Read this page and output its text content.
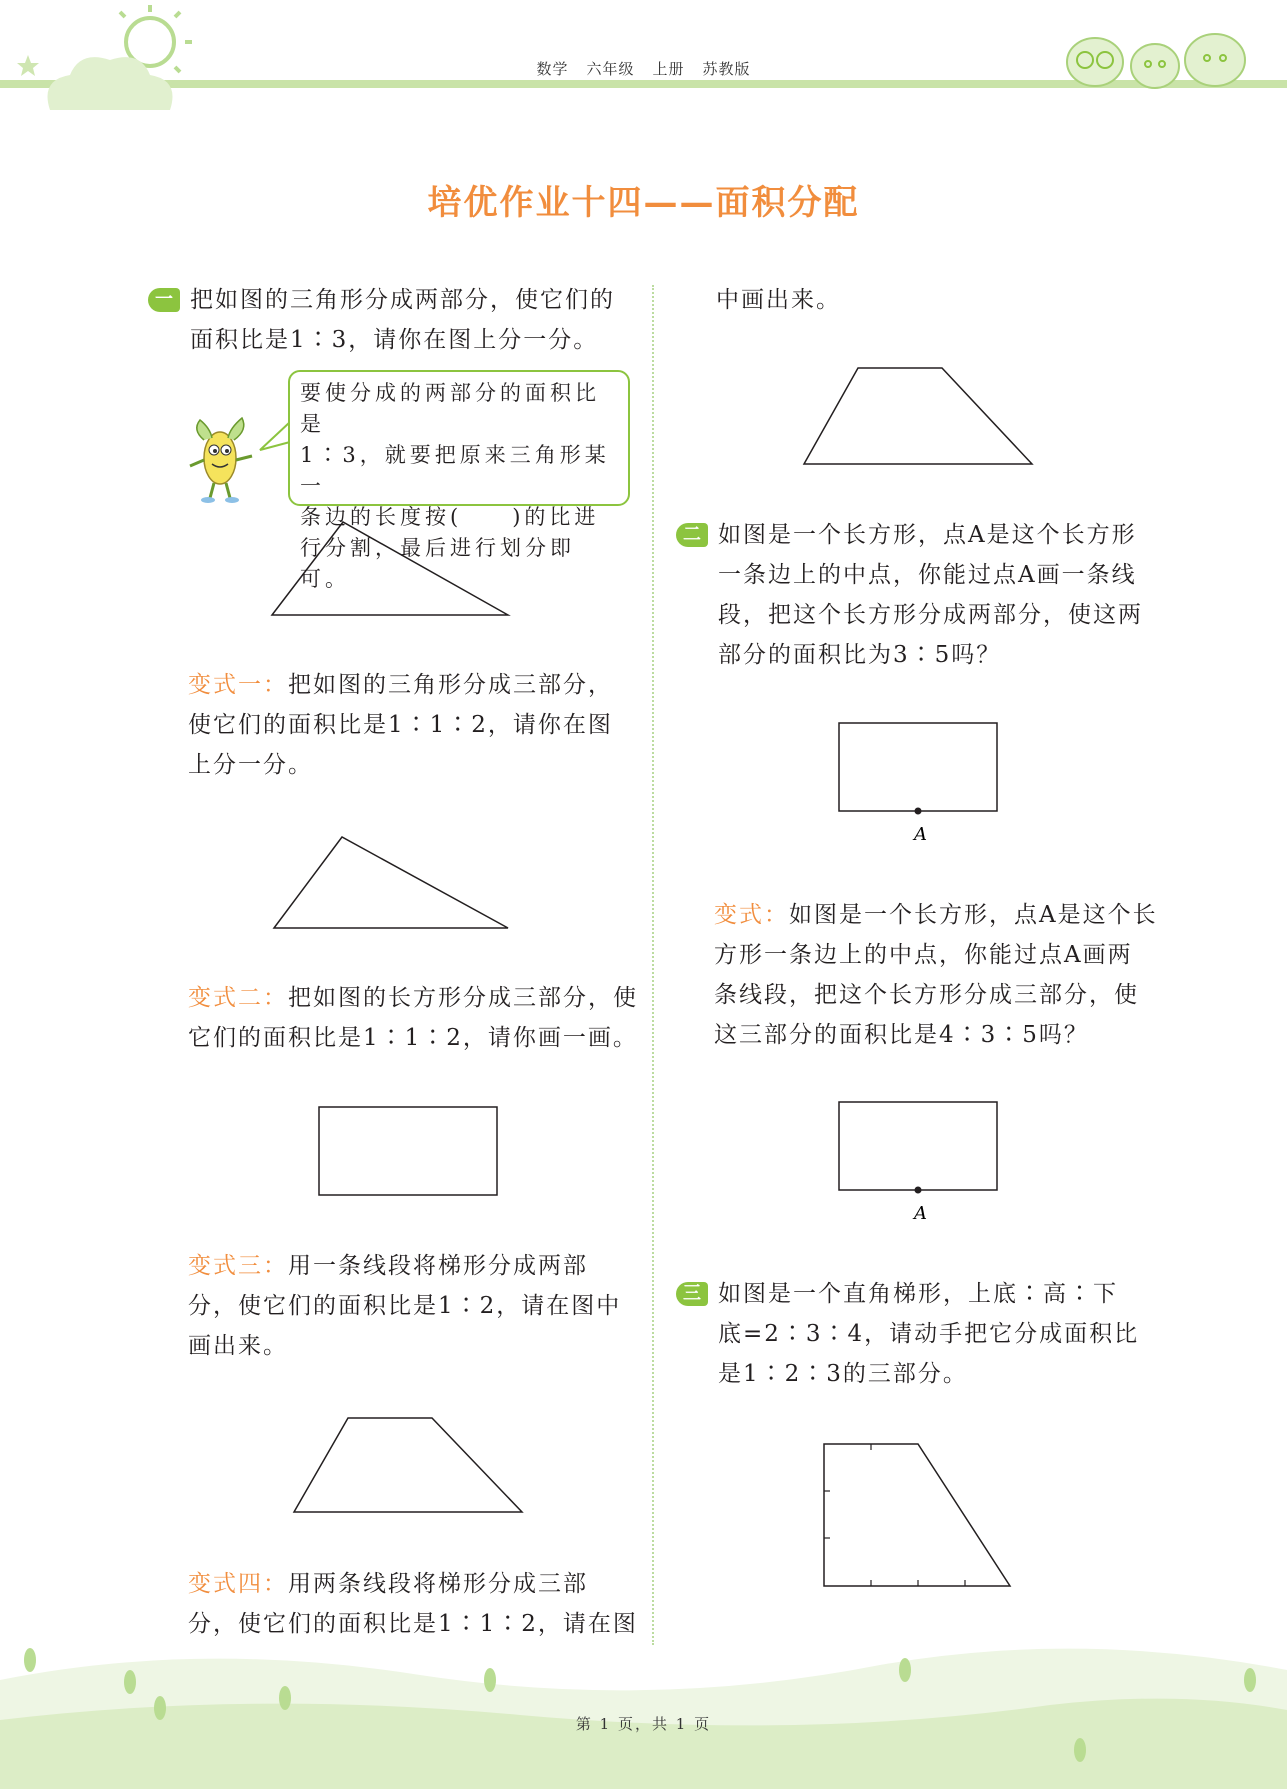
数学 六年级 上册 苏教版
培优作业十四——面积分配
一 把如图的三角形分成两部分，使它们的
面积比是1∶3，请你在图上分一分。
要使分成的两部分的面积比是
1∶3，就要把原来三角形某一
条边的长度按(　　)的比进
行分割，最后进行划分即可。
变式一：把如图的三角形分成三部分，
使它们的面积比是1∶1∶2，请你在图
上分一分。
变式二：把如图的长方形分成三部分，使
它们的面积比是1∶1∶2，请你画一画。
变式三：用一条线段将梯形分成两部
分，使它们的面积比是1∶2，请在图中
画出来。
变式四：用两条线段将梯形分成三部
分，使它们的面积比是1∶1∶2，请在图
中画出来。
二 如图是一个长方形，点A是这个长方形
一条边上的中点，你能过点A画一条线
段，把这个长方形分成两部分，使这两
部分的面积比为3∶5吗？
A
变式：如图是一个长方形，点A是这个长
方形一条边上的中点，你能过点A画两
条线段，把这个长方形分成三部分，使
这三部分的面积比是4∶3∶5吗？
A
三 如图是一个直角梯形，上底∶高∶下
底=2∶3∶4，请动手把它分成面积比
是1∶2∶3的三部分。
第 1 页，共 1 页
